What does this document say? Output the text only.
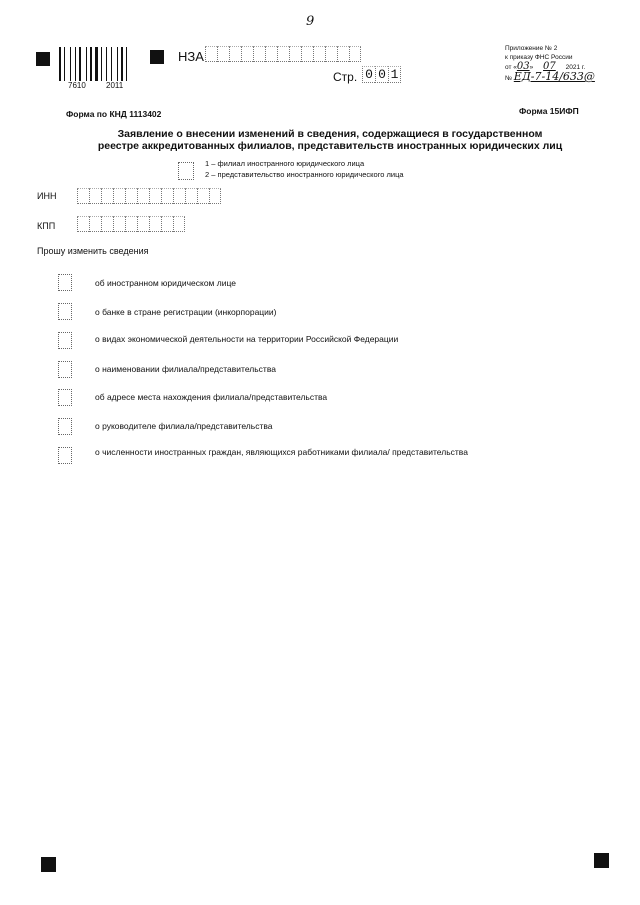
9
7610	2011
НЗА
Стр. 0 0 1
Приложение № 2
к приказу ФНС России
от «03» 07 2021 г.
№ ЕД-7-14/633@
Форма по КНД 1113402	Форма 15ИФП
Заявление о внесении изменений в сведения, содержащиеся в государственном
реестре аккредитованных филиалов, представительств иностранных юридических лиц
1 – филиал иностранного юридического лица
2 – представительство иностранного юридического лица
ИНН
КПП
Прошу изменить сведения
об иностранном юридическом лице
о банке в стране регистрации (инкорпорации)
о видах экономической деятельности на территории Российской Федерации
о наименовании филиала/представительства
об адресе места нахождения филиала/представительства
о руководителе филиала/представительства
о численности иностранных граждан, являющихся работниками филиала/ представительства
